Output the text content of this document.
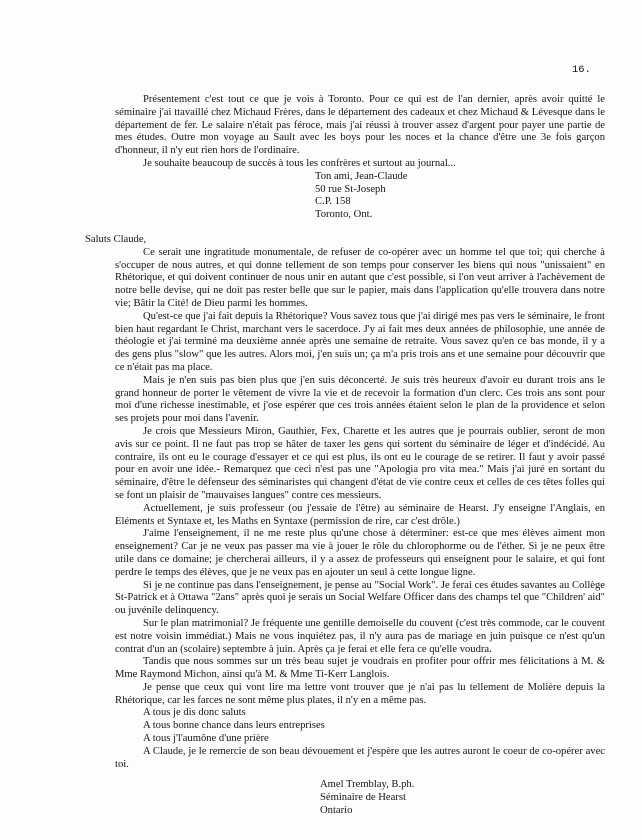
16.

Présentement c'est tout ce que je vois à Toronto. Pour ce qui est de l'an dernier, après avoir quitté le séminaire j'ai ttavaillé chez Michaud Frères, dans le département des cadeaux et chez Michaud & Lévesque dans le département de fer. Le salaire n'était pas féroce, mais j'ai réussi à trouver assez d'argent pour payer une partie de mes études. Outre mon voyage au Sault avec les boys pour les noces et la chance d'être une 3e fois garçon d'honneur, il n'y eut rien hors de l'ordinaire.

Je souhaite beaucoup de succès à tous les confrères et surtout au journal...

Ton ami, Jean-Claude
50 rue St-Joseph
C.P. 158
Toronto, Ont.

Saluts Claude,

Ce serait une ingratitude monumentale, de refuser de co-opérer avec un homme tel que toi; qui cherche à s'occuper de nous autres, et qui donne tellement de son temps pour conserver les biens qui nous "unissaient" en Rhétorique, et qui doivent continuer de nous unir en autant que c'est possible, si l'on veut arriver à l'achèvement de notre belle devise, qui ne doit pas rester belle que sur le papier, mais dans l'application qu'elle trouvera dans notre vie; Bâtir la Cité! de Dieu parmi les hommes.

Qu'est-ce que j'ai fait depuis la Rhétorique? Vous savez tous que j'ai dirigé mes pas vers le séminaire, le front bien haut regardant le Christ, marchant vers le sacerdoce. J'y ai fait mes deux années de philosophie, une année de théologie et j'ai terminé ma deuxième année après une semaine de retraite. Vous savez qu'en ce bas monde, il y a des gens plus "slow" que les autres. Alors moi, j'en suis un; ça m'a pris trois ans et une semaine pour découvrir que ce n'était pas ma place.

Mais je n'en suis pas bien plus que j'en suis déconcerté. Je suis très heureux d'avoir eu durant trois ans le grand honneur de porter le vêtement de vivre la vie et de recevoir la formation d'un clerc. Ces trois ans sont pour moi d'une richesse inestimable, et j'ose espérer que ces trois années étaient selon le plan de la providence et selon ses projets pour moi dans l'avenir.

Je crois que Messieurs Miron, Gauthier, Fex, Charette et les autres que je pourrais oublier, seront de mon avis sur ce point. Il ne faut pas trop se hâter de taxer les gens qui sortent du séminaire de léger et d'indécidé. Au contraire, ils ont eu le courage d'essayer et ce qui est plus, ils ont eu le courage de se retirer. Il faut y avoir passé pour en avoir une idée.- Remarquez que ceci n'est pas une "Apologia pro vita mea." Mais j'ai juré en sortant du séminaire, d'être le défenseur des séminaristes qui changent d'état de vie contre ceux et celles de ces têtes folles qui se font un plaisir de "mauvaises langues" contre ces messieurs.

Actuellement, je suis professeur (ou j'essaie de l'être) au séminaire de Hearst. J'y enseigne l'Anglais, en Eléments et Syntaxe et, les Maths en Syntaxe (permission de rire, car c'est drôle.)

J'aime l'enseignement, il ne me reste plus qu'une chose à déterminer: est-ce que mes élèves aiment mon enseignement? Car je ne veux pas passer ma vie à jouer le rôle du chlorophorme ou de l'éther. Si je ne peux être utile dans ce domaine; je chercherai ailleurs, il y a assez de professeurs qui enseignent pour le salaire, et qui font perdre le temps des élèves, que je ne veux pas en ajouter un seul à cette longue ligne.

Si je ne continue pas dans l'enseignement, je pense au "Social Work". Je ferai ces études savantes au Collège St-Patrick et à Ottawa "2ans" après quoi je serais un Social Welfare Officer dans des champs tel que "Children' aid" ou juvénile delinquency.

Sur le plan matrimonial? Je fréquente une gentille demoiselle du couvent (c'est très commode, car le couvent est notre voisin immédiat.) Mais ne vous inquiétez pas, il n'y aura pas de mariage en juin puisque ce n'est qu'un contrat d'un an (scolaire) septembre à juin. Après ça je ferai et elle fera ce qu'elle voudra.

Tandis que nous sommes sur un très beau sujet je voudrais en profiter pour offrir mes félicitations à M. & Mme Raymond Michon, ainsi qu'à M. & Mme Ti-Kerr Langlois.

Je pense que ceux qui vont lire ma lettre vont trouver que je n'ai pas lu tellement de Molière depuis la Rhétorique, car les farces ne sont même plus plates, il n'y en a même pas.

A tous je dis donc saluts

A tous bonne chance dans leurs entreprises

A tous j'l'aumône d'une prière

A Claude, je le remercie de son beau dévouement et j'espère que les autres auront le coeur de co-opérer avec toi.

Amel Tremblay, B.ph.
Séminaire de Hearst
Ontario
